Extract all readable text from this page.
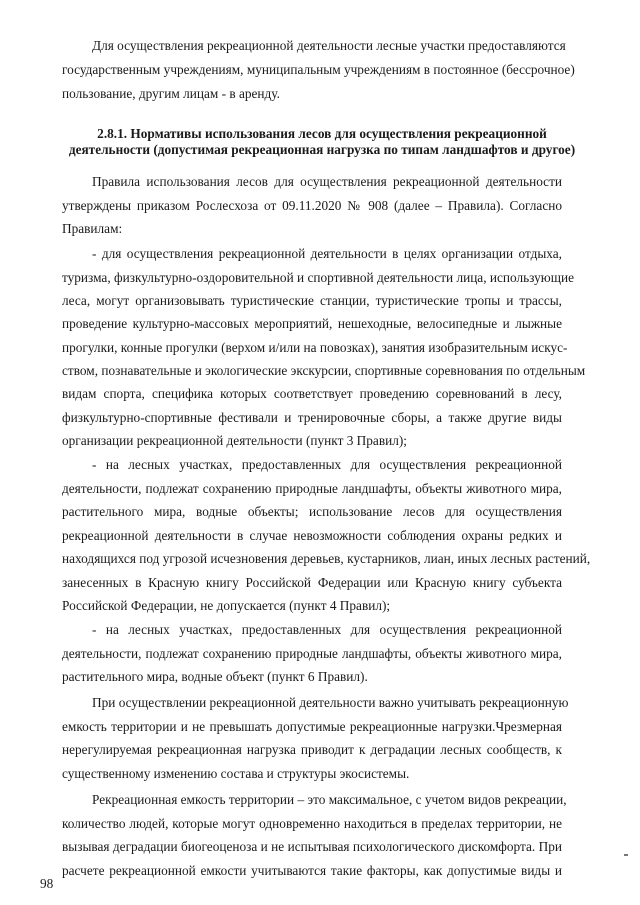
Для осуществления рекреационной деятельности лесные участки предоставляются
государственным учреждениям, муниципальным учреждениям в постоянное (бессрочное)
пользование, другим лицам - в аренду.
2.8.1. Нормативы использования лесов для осуществления рекреационной
деятельности (допустимая рекреационная нагрузка по типам ландшафтов и другое)
Правила использования лесов для осуществления рекреационной деятельности
утверждены приказом Рослесхоза от 09.11.2020 № 908 (далее – Правила). Согласно
Правилам:
- для осуществления рекреационной деятельности в целях организации отдыха,
туризма, физкультурно-оздоровительной и спортивной деятельности лица, использующие
леса, могут организовывать туристические станции, туристические тропы и трассы,
проведение культурно-массовых мероприятий, нешеходные, велосипедные и лыжные
прогулки, конные прогулки (верхом и/или на повозках), занятия изобразительным искус-
ством, познавательные и экологические экскурсии, спортивные соревнования по отдельным
видам спорта, специфика которых соответствует проведению соревнований в лесу,
физкультурно-спортивные фестивали и тренировочные сборы, а также другие виды
организации рекреационной деятельности (пункт 3 Правил);
- на лесных участках, предоставленных для осуществления рекреационной
деятельности, подлежат сохранению природные ландшафты, объекты животного мира,
растительного мира, водные объекты; использование лесов для осуществления
рекреационной деятельности в случае невозможности соблюдения охраны редких и
находящихся под угрозой исчезновения деревьев, кустарников, лиан, иных лесных растений,
занесенных в Красную книгу Российской Федерации или Красную книгу субъекта
Российской Федерации, не допускается (пункт 4 Правил);
- на лесных участках, предоставленных для осуществления рекреационной
деятельности, подлежат сохранению природные ландшафты, объекты животного мира,
растительного мира, водные объект (пункт 6 Правил).
При осуществлении рекреационной деятельности важно учитывать рекреационную
емкость территории и не превышать допустимые рекреационные нагрузки.Чрезмерная
нерегулируемая рекреационная нагрузка приводит к деградации лесных сообществ, к
существенному изменению состава и структуры экосистемы.
Рекреационная емкость территории – это максимальное, с учетом видов рекреации,
количество людей, которые могут одновременно находиться в пределах территории, не
вызывая деградации биогеоценоза и не испытывая психологического дискомфорта. При
расчете рекреационной емкости учитываются такие факторы, как допустимые виды и
98
